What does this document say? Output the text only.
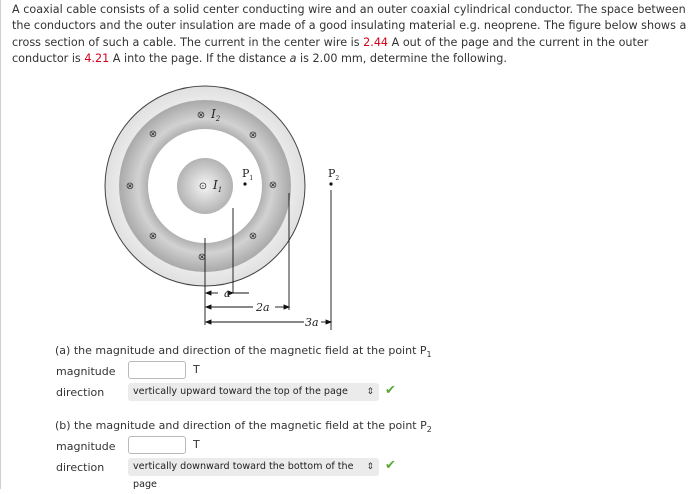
A coaxial cable consists of a solid center conducting wire and an outer coaxial cylindrical conductor. The space between the conductors and the outer insulation are made of a good insulating material e.g. neoprene. The figure below shows a cross section of such a cable. The current in the center wire is 2.44 A out of the page and the current in the outer conductor is 4.21 A into the page. If the distance a is 2.00 mm, determine the following.

⊗	⊗
⊗	⊗
⊗	⊗
⊗
⊗ $I_2$
⊙ $I_1$
$P_1$	$P_2$
a
2a
3a
(a) the magnitude and direction of the magnetic field at the point $P_1$
magnitude	T
direction	vertically upward toward the top of the page ⇕ ✔
(b) the magnitude and direction of the magnetic field at the point $P_2$
magnitude	T
direction	vertically downward toward the bottom of the page
⇕ ✔
